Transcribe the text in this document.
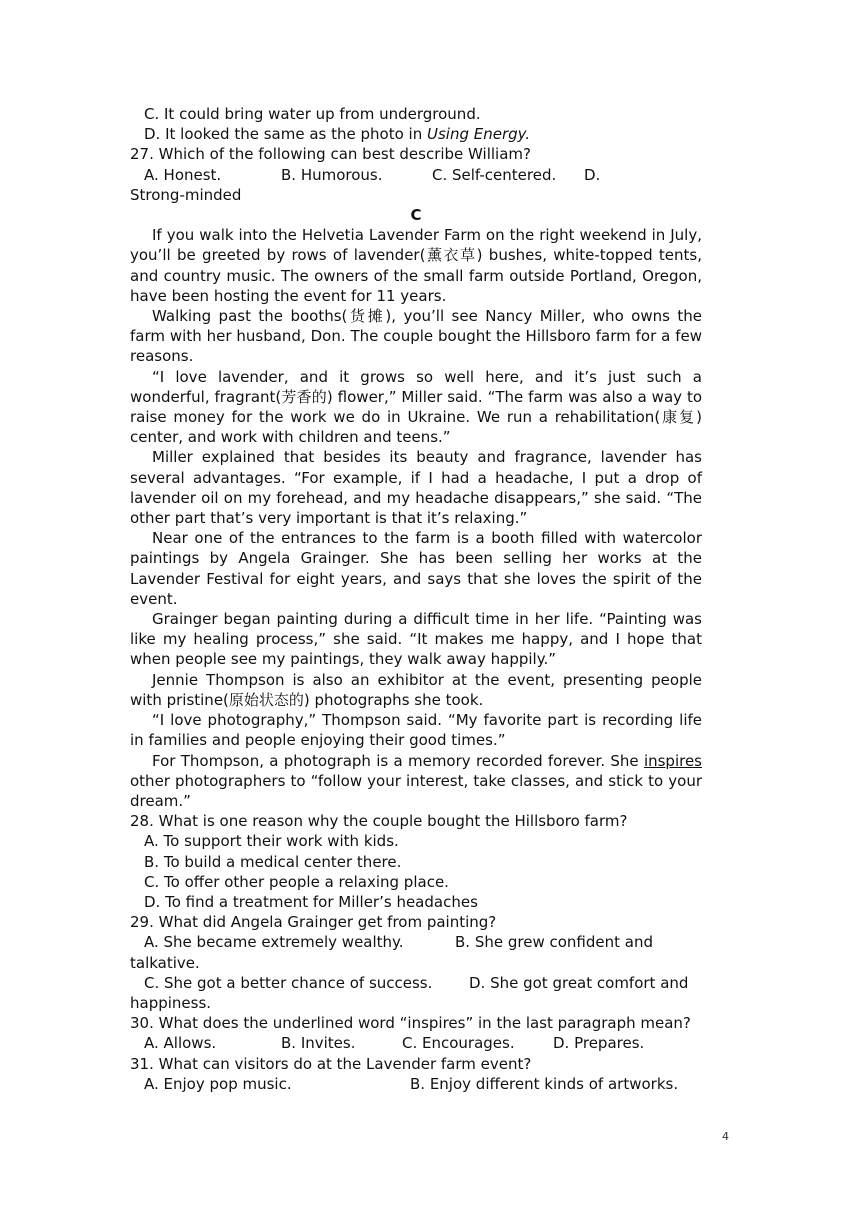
C. It could bring water up from underground.

D. It looked the same as the photo in Using Energy.

27. Which of the following can best describe William?

A. Honest.	B. Humorous.	C. Self-centered.	D.

Strong-minded

C

If you walk into the Helvetia Lavender Farm on the right weekend in July, you’ll be greeted by rows of lavender(薰衣草) bushes, white-topped tents, and country music. The owners of the small farm outside Portland, Oregon, have been hosting the event for 11 years.

Walking past the booths(货摊), you’ll see Nancy Miller, who owns the farm with her husband, Don. The couple bought the Hillsboro farm for a few reasons.

“I love lavender, and it grows so well here, and it’s just such a wonderful, fragrant(芳香的) flower,” Miller said. “The farm was also a way to raise money for the work we do in Ukraine. We run a rehabilitation(康复) center, and work with children and teens.”

Miller explained that besides its beauty and fragrance, lavender has several advantages. “For example, if I had a headache, I put a drop of lavender oil on my forehead, and my headache disappears,” she said. “The other part that’s very important is that it’s relaxing.”

Near one of the entrances to the farm is a booth filled with watercolor paintings by Angela Grainger. She has been selling her works at the Lavender Festival for eight years, and says that she loves the spirit of the event.

Grainger began painting during a difficult time in her life. “Painting was like my healing process,” she said. “It makes me happy, and I hope that when people see my paintings, they walk away happily.”

Jennie Thompson is also an exhibitor at the event, presenting people with pristine(原始状态的) photographs she took.

“I love photography,” Thompson said. “My favorite part is recording life in families and people enjoying their good times.”

For Thompson, a photograph is a memory recorded forever. She inspires other photographers to “follow your interest, take classes, and stick to your dream.”

28. What is one reason why the couple bought the Hillsboro farm?

A. To support their work with kids.

B. To build a medical center there.

C. To offer other people a relaxing place.

D. To find a treatment for Miller’s headaches

29. What did Angela Grainger get from painting?

A. She became extremely wealthy.	B. She grew confident and

talkative.

C. She got a better chance of success.	D. She got great comfort and

happiness.

30. What does the underlined word “inspires” in the last paragraph mean?

A. Allows.	B. Invites.	C. Encourages.	D. Prepares.

31. What can visitors do at the Lavender farm event?

A. Enjoy pop music.	B. Enjoy different kinds of artworks.
4
